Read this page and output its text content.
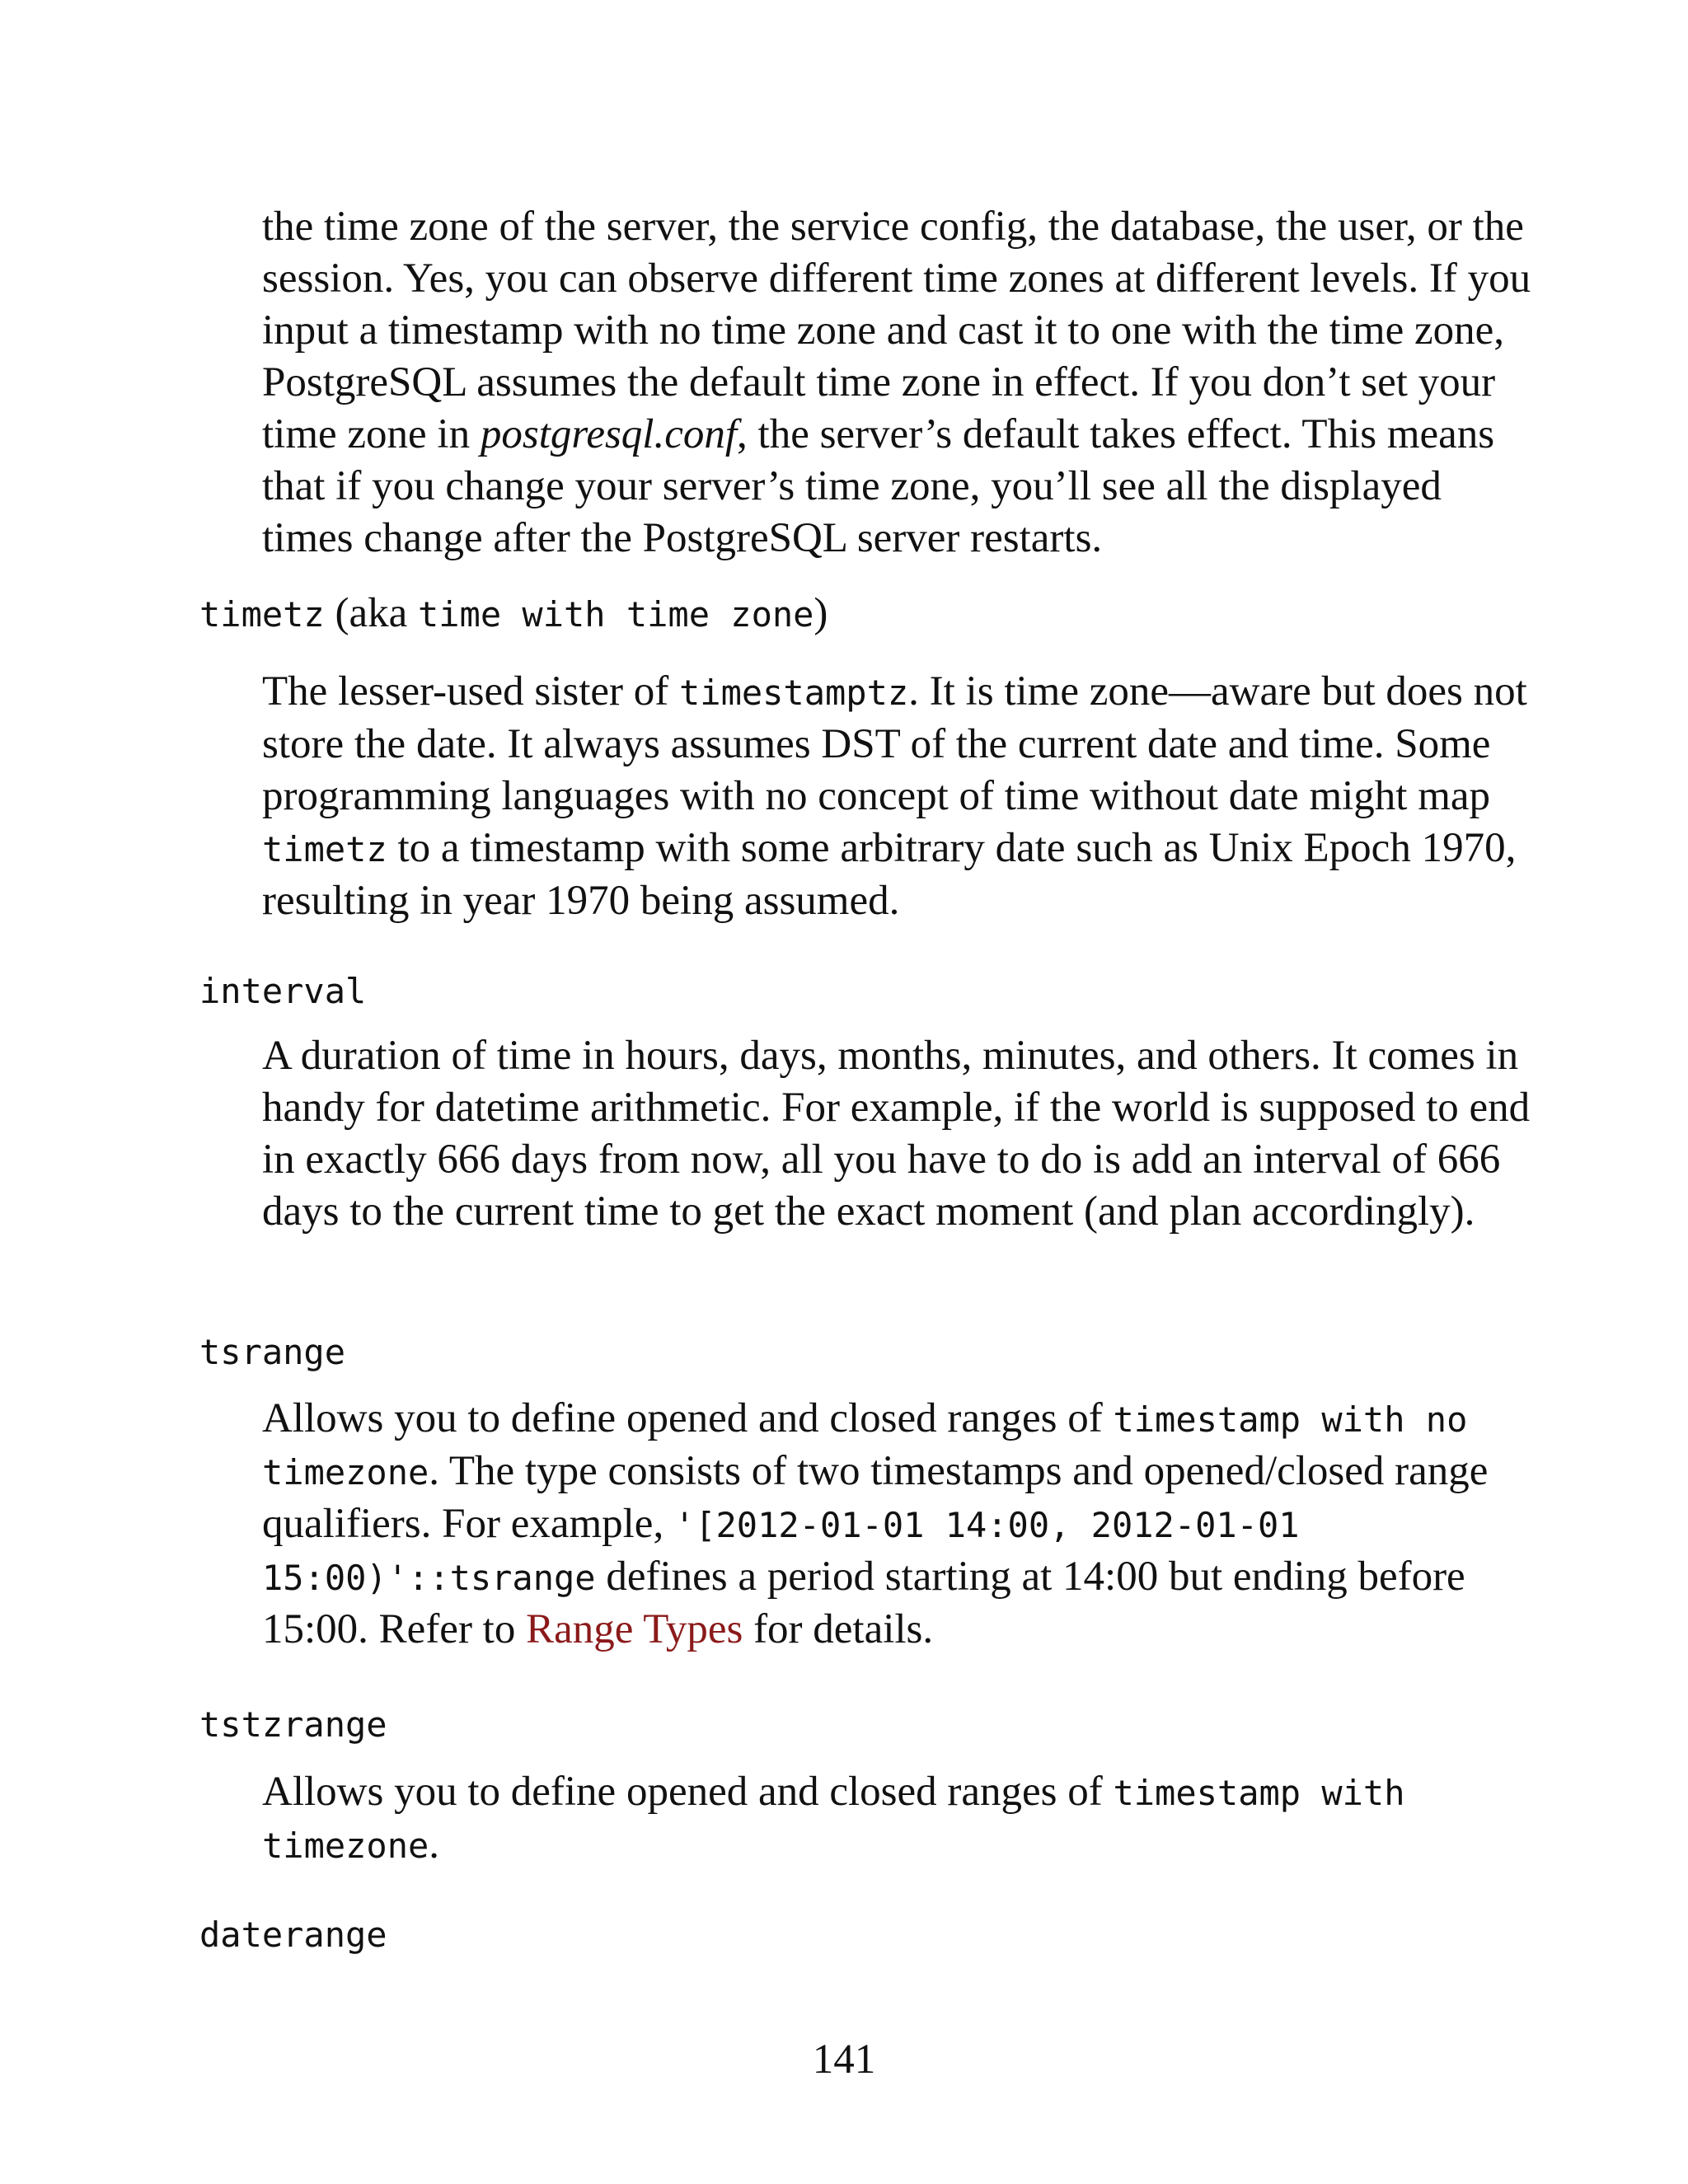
the time zone of the server, the service config, the database, the user, or the session. Yes, you can observe different time zones at different levels. If you input a timestamp with no time zone and cast it to one with the time zone, PostgreSQL assumes the default time zone in effect. If you don’t set your time zone in postgresql.conf, the server’s default takes effect. This means that if you change your server’s time zone, you’ll see all the displayed times change after the PostgreSQL server restarts.

timetz (aka time with time zone)

The lesser-used sister of timestamptz. It is time zone—aware but does not store the date. It always assumes DST of the current date and time. Some programming languages with no concept of time without date might map timetz to a timestamp with some arbitrary date such as Unix Epoch 1970, resulting in year 1970 being assumed.

interval

A duration of time in hours, days, months, minutes, and others. It comes in handy for datetime arithmetic. For example, if the world is supposed to end in exactly 666 days from now, all you have to do is add an interval of 666 days to the current time to get the exact moment (and plan accordingly).

tsrange

Allows you to define opened and closed ranges of timestamp with no timezone. The type consists of two timestamps and opened/closed range qualifiers. For example, '[2012-01-01 14:00, 2012-01-01 15:00)'::tsrange defines a period starting at 14:00 but ending before 15:00. Refer to Range Types for details.

tstzrange

Allows you to define opened and closed ranges of timestamp with timezone.

daterange

141
